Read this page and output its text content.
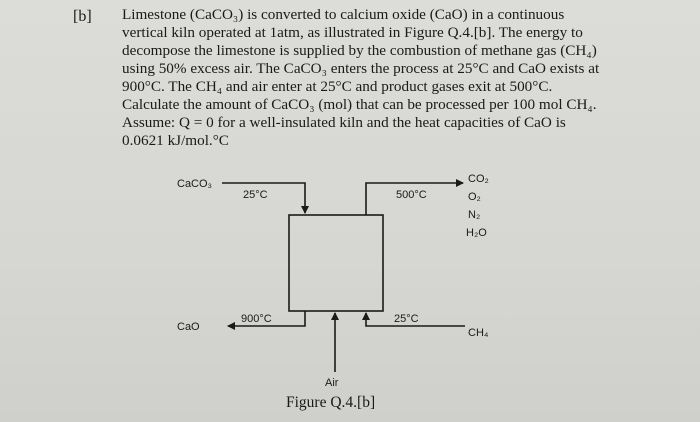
[b] Limestone (CaCO₃) is converted to calcium oxide (CaO) in a continuous
vertical kiln operated at 1atm, as illustrated in Figure Q.4.[b]. The energy to
decompose the limestone is supplied by the combustion of methane gas (CH₄)
using 50% excess air. The CaCO₃ enters the process at 25°C and CaO exists at
900°C. The CH₄ and air enter at 25°C and product gases exit at 500°C.
Calculate the amount of CaCO₃ (mol) that can be processed per 100 mol CH₄.
Assume: Q = 0 for a well-insulated kiln and the heat capacities of CaO is
0.0621 kJ/mol.°C
CaCO₃
25°C	500°C
CO₂
O₂
N₂
H₂O
CaO
900°C	25°C
CH₄
Air
Figure Q.4.[b]
